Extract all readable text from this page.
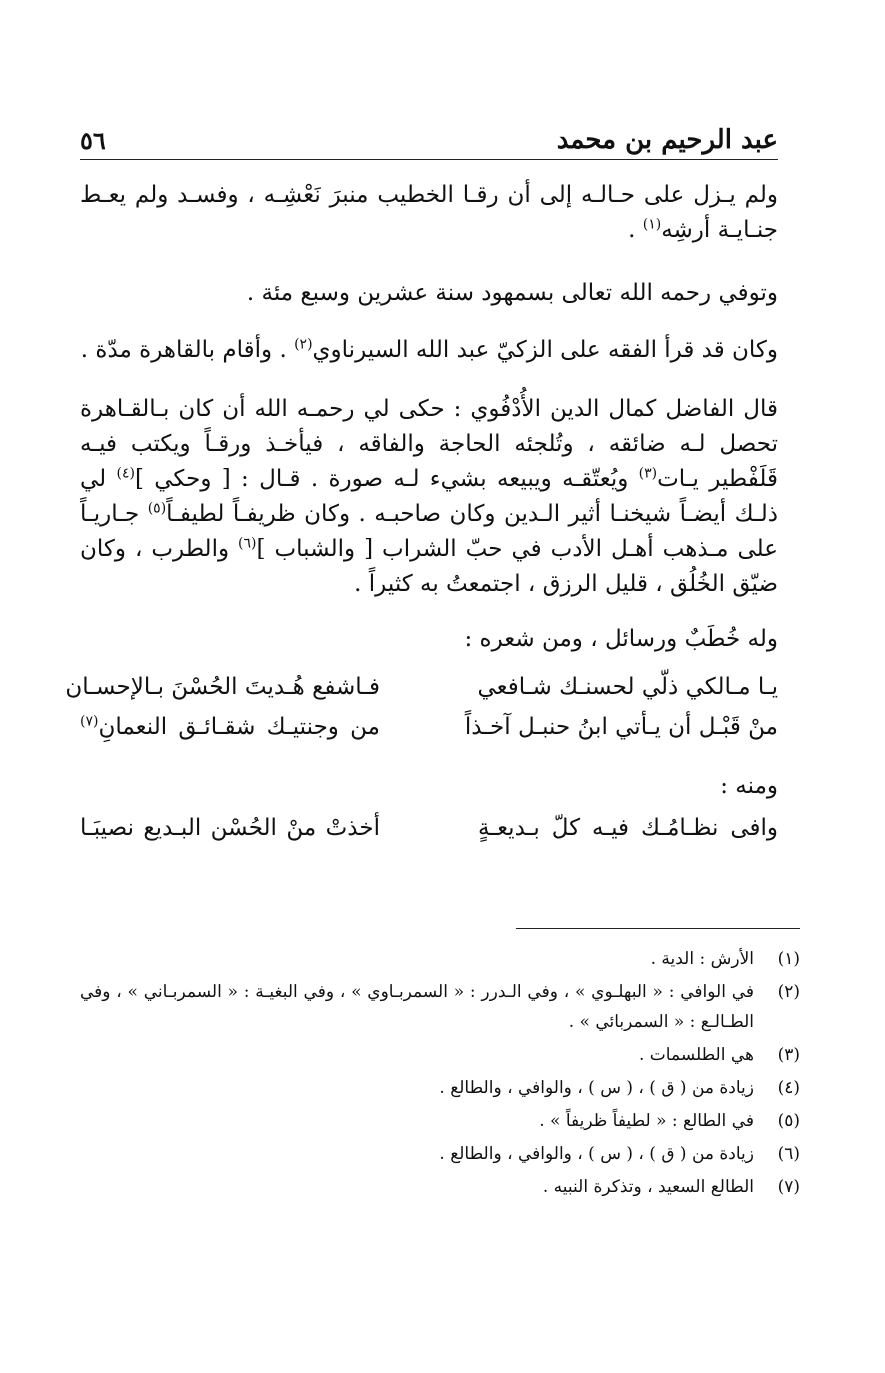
عبد الرحيم بن محمد
٥٦

ولم يـزل على حـالـه إلى أن رقـا الخطيب منبرَ نَعْشِـه ، وفسـد ولم يعـط جنـايـة أرشِه$^{(١)}$ .

وتوفي رحمه الله تعالى بسمهود سنة عشرين وسبع مئة .

وكان قد قرأ الفقه على الزكيّ عبد الله السيرناوي$^{(٢)}$ . وأقام بالقاهرة مدّة .

قال الفاضل كمال الدين الأُدْفُوي : حكى لي رحمـه الله أن كان بـالقـاهرة تحصل لـه ضائقه ، وتُلجئه الحاجة والفاقه ، فيأخـذ ورقـاً ويكتب فيـه قَلَفْطير يـات$^{(٣)}$ ويُعتّقـه ويبيعه بشيء لـه صورة . قـال : [ وحكي ]$^{(٤)}$ لي ذلـك أيضـاً شيخنـا أثير الـدين وكان صاحبـه . وكان ظريفـاً لطيفـاً$^{(٥)}$ جـاريـاً على مـذهب أهـل الأدب في حبّ الشراب [ والشباب ]$^{(٦)}$ والطرب ، وكان ضيّق الخُلُق ، قليل الرزق ، اجتمعتُ به كثيراً .

وله خُطَبٌ ورسائل ، ومن شعره :

يـا مـالكي ذلّي لحسنـك شـافعي
فـاشفع هُـديتَ الحُسْنَ بـالإحسـان
منْ قَبْـل أن يـأتي ابنُ حنبـل آخـذاً
من وجنتيـك شقـائـق النعمانِ$^{(٧)}$

ومنه :

وافى نظـامُـك فيـه كلّ بـديعـةٍ
أخذتْ منْ الحُسْن البـديع نصيبَـا
(١)
الأرش : الدية .
(٢)
في الوافي : « البهلـوي » ، وفي الـدرر : « السمربـاوي » ، وفي البغيـة : « السمربـاني » ، وفي الطـالـع : « السمربائي » .
(٣)
هي الطلسمات .
(٤)
زيادة من ( ق ) ، ( س ) ، والوافي ، والطالع .
(٥)
في الطالع : « لطيفاً ظريفاً » .
(٦)
زيادة من ( ق ) ، ( س ) ، والوافي ، والطالع .
(٧)
الطالع السعيد ، وتذكرة النبيه .
